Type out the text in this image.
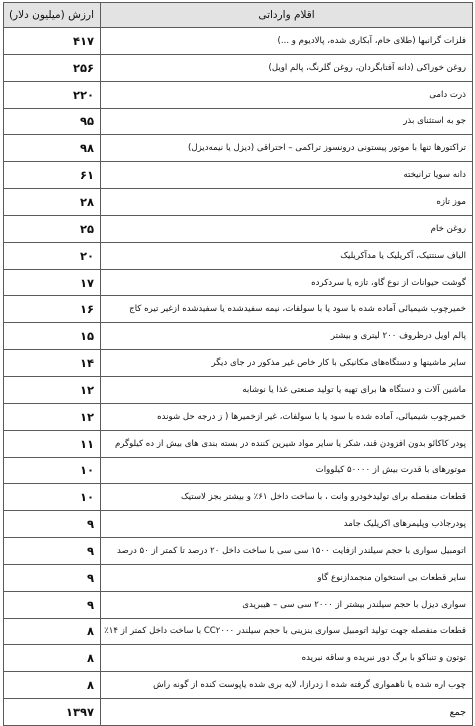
اقلام وارداتی	ارزش (میلیون دلار)
فلزات گرانبها (طلای خام، آبکاری شده، پالادیوم و ...)	۴۱۷
روغن خوراکی (دانه آفتابگردان، روغن گلرنگ، پالم اویل)	۲۵۶
ذرت دامی	۲۲۰
جو به استثنای بذر	۹۵
تراکتورها تنها با موتور پیستونی درونسوز تراکمی – احتراقی (دیزل یا نیمه‌دیزل)	۹۸
دانه سویا ترانیخته	۶۱
موز تازه	۲۸
روغن خام	۲۵
الیاف سنتتیک، آکریلیک یا مدآکریلیک	۲۰
گوشت حیوانات از نوع گاو، تازه یا سردکرده	۱۷
خمیرچوب شیمیائی آماده شده با سود یا با سولفات، نیمه سفیدشده یا سفیدشده ازغیر تیره کاج	۱۶
پالم اویل درظروف ۲۰۰ لیتری و بیشتر	۱۵
سایر ماشینها و دستگاه‌های مکانیکی با کار خاص غیر مذکور در جای دیگر	۱۴
ماشین آلات و دستگاه ها برای تهیه یا تولید صنعتی غذا یا نوشابه	۱۲
خمیرچوب شیمیائی، آماده شده با سود یا با سولفات، غیر ازخمیرها ( ز درجه حل شونده	۱۲
پودر کاکائو بدون افزودن قند، شکر یا سایر مواد شیرین کننده در بسته بندی های بیش از ده کیلوگرم	۱۱
موتورهای با قدرت بیش از ۵۰۰۰۰ کیلووات	۱۰
قطعات منفصله برای تولیدخودرو وانت ، با ساخت داخل ۶۱٪ و بیشتر بجز لاستیک	۱۰
پودرجاذب وپلیمرهای اکریلیک جامد	۹
اتومبیل سواری با حجم سیلندر ازفایت ۱۵۰۰ سی سی با ساخت داخل ۲۰ درصد تا کمتر از ۵۰ درصد	۹
سایر قطعات بی استخوان منجمدازنوع گاو	۹
سواری دیزل با حجم سیلندر بیشتر از ۲۰۰۰ سی سی – هیبریدی	۹
قطعات منفصله جهت تولید اتومبیل سواری بنزینی با حجم سیلندر CC۲۰۰۰ با ساخت داخل کمتر از ۱۴٪	۸
توتون و تنباکو با برگ دور نبریده و ساقه نبریده	۸
چوب اره شده یا ناهمواری گرفته شده ا زدرازا، لایه بری شده یاپوست کنده از گونه راش	۸
جمع	۱۳۹۷
